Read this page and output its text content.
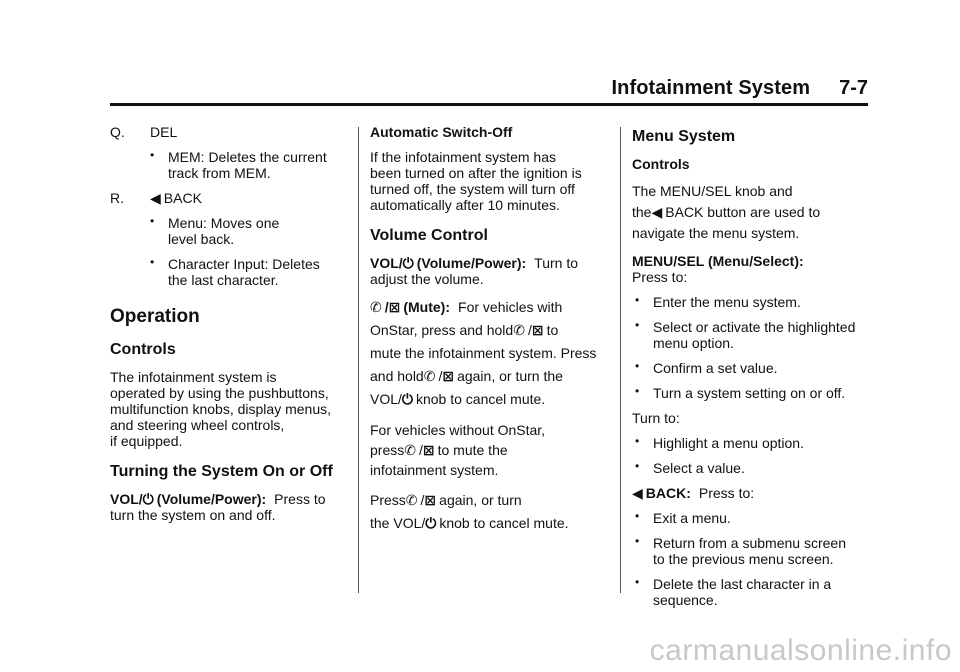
Infotainment System 7-7

Q. DEL

• MEM: Deletes the current
track from MEM.

R. ◀ BACK

• Menu: Moves one
level back.
• Character Input: Deletes
the last character.
Operation
Controls

The infotainment system is
operated by using the pushbuttons,
multifunction knobs, display menus,
and steering wheel controls,
if equipped.

Turning the System On or Off

VOL/⏻ (Volume/Power): Press to
turn the system on and off.

Automatic Switch-Off

If the infotainment system has
been turned on after the ignition is
turned off, the system will turn off
automatically after 10 minutes.

Volume Control

VOL/⏻ (Volume/Power): Turn to
adjust the volume.

✆ /⊠ (Mute): For vehicles with
OnStar, press and hold✆ /⊠ to
mute the infotainment system. Press
and hold✆ /⊠ again, or turn the
VOL/⏻ knob to cancel mute.

For vehicles without OnStar,
press✆ /⊠ to mute the
infotainment system.

Press✆ /⊠ again, or turn
the VOL/⏻ knob to cancel mute.

Menu System
Controls

The MENU/SEL knob and
the◀ BACK button are used to
navigate the menu system.

MENU/SEL (Menu/Select):
Press to:

• Enter the menu system.
• Select or activate the highlighted
menu option.
• Confirm a set value.
• Turn a system setting on or off.

Turn to:

• Highlight a menu option.
• Select a value.

◀ BACK: Press to:

• Exit a menu.
• Return from a submenu screen
to the previous menu screen.
• Delete the last character in a
sequence.
carmanualsonline.info
